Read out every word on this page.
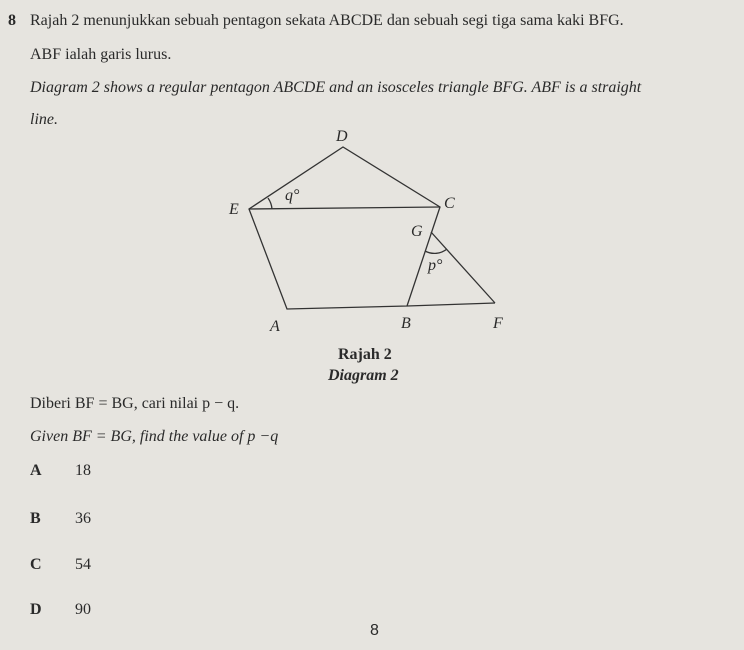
8 Rajah 2 menunjukkan sebuah pentagon sekata ABCDE dan sebuah segi tiga sama kaki BFG.
ABF ialah garis lurus.
Diagram 2 shows a regular pentagon ABCDE and an isosceles triangle BFG. ABF is a straight
line.
D
E	C
G
A	B	F
q°
p°
Rajah 2
Diagram 2
Diberi BF = BG, cari nilai p − q.
Given BF = BG, find the value of p −q
A 18
B 36
C 54
D 90
8
